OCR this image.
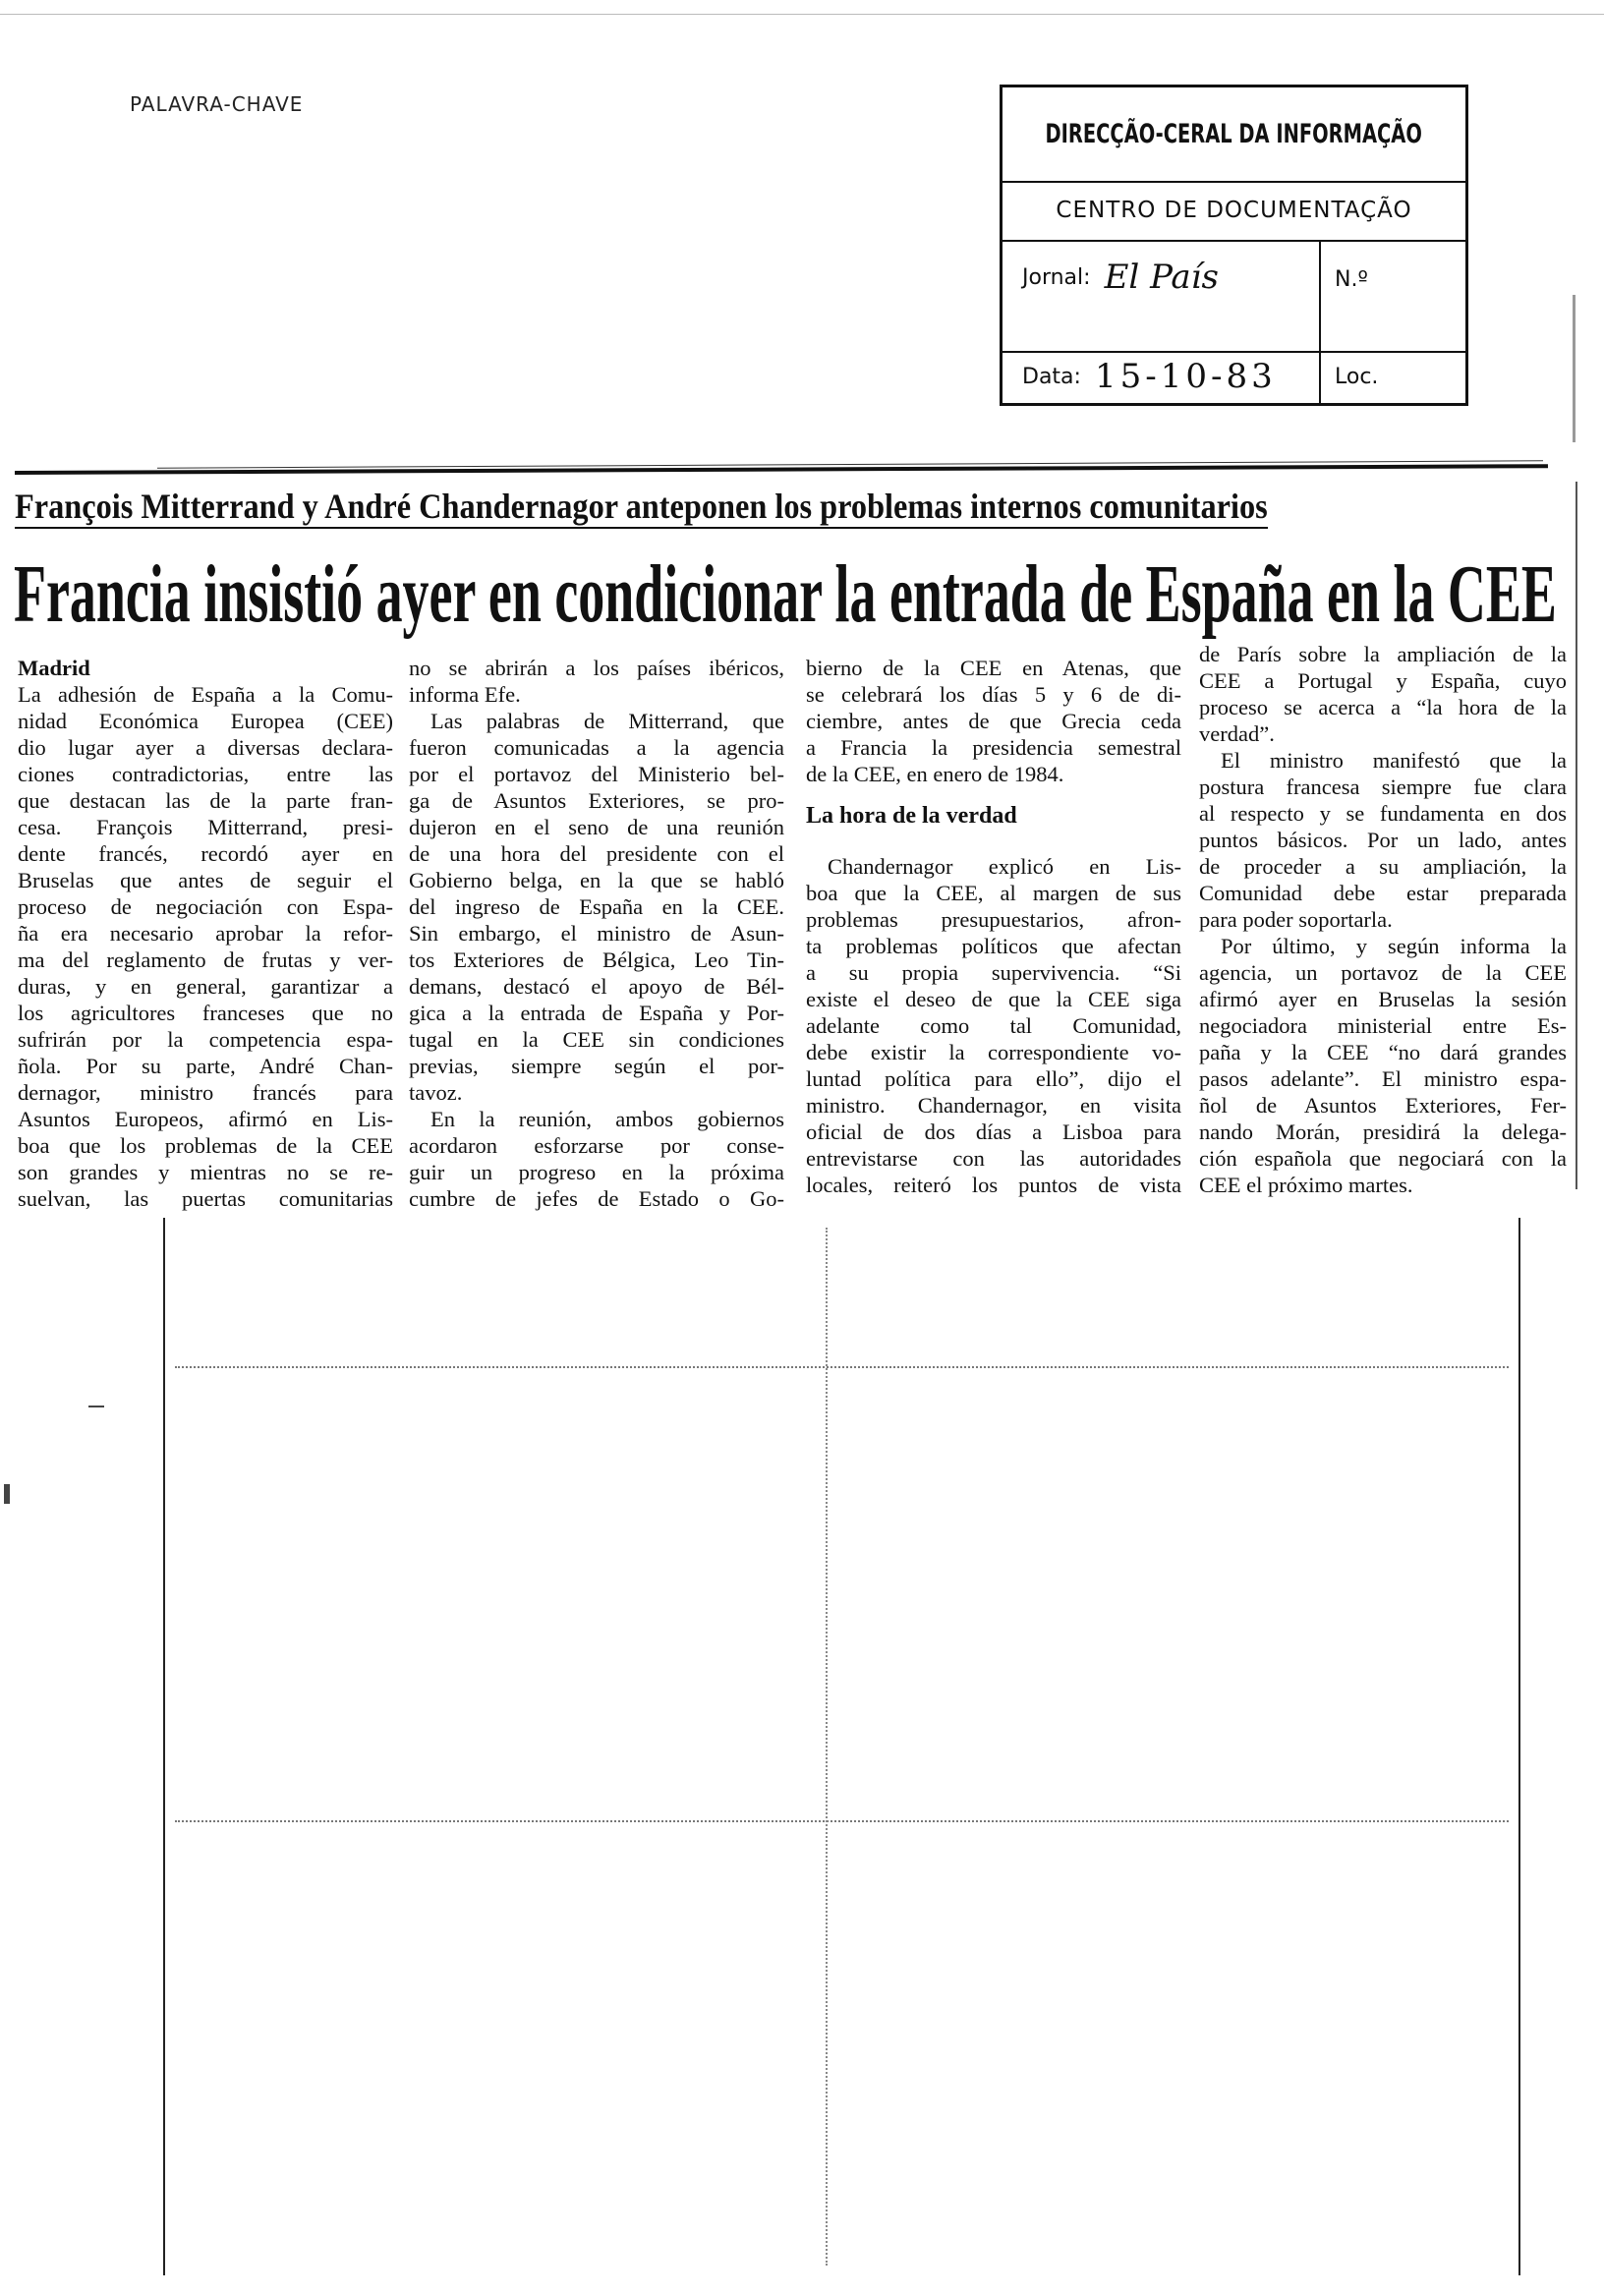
PALAVRA-CHAVE
DIRECÇÃO-CERAL DA INFORMAÇÃO
CENTRO DE DOCUMENTAÇÃO
Jornal: El País	N.º
Data: 15-10-83	Loc.
François Mitterrand y André Chandernagor anteponen los problemas internos comunitarios
Francia insistió ayer en condicionar la entrada de España en la CEE
Madrid
La adhesión de España a la Comu-
nidad Económica Europea (CEE)
dio lugar ayer a diversas declara-
ciones contradictorias, entre las
que destacan las de la parte fran-
cesa. François Mitterrand, presi-
dente francés, recordó ayer en
Bruselas que antes de seguir el
proceso de negociación con Espa-
ña era necesario aprobar la refor-
ma del reglamento de frutas y ver-
duras, y en general, garantizar a
los agricultores franceses que no
sufrirán por la competencia espa-
ñola. Por su parte, André Chan-
dernagor, ministro francés para
Asuntos Europeos, afirmó en Lis-
boa que los problemas de la CEE
son grandes y mientras no se re-
suelvan, las puertas comunitarias
no se abrirán a los países ibéricos,
informa Efe.
Las palabras de Mitterrand, que
fueron comunicadas a la agencia
por el portavoz del Ministerio bel-
ga de Asuntos Exteriores, se pro-
dujeron en el seno de una reunión
de una hora del presidente con el
Gobierno belga, en la que se habló
del ingreso de España en la CEE.
Sin embargo, el ministro de Asun-
tos Exteriores de Bélgica, Leo Tin-
demans, destacó el apoyo de Bél-
gica a la entrada de España y Por-
tugal en la CEE sin condiciones
previas, siempre según el por-
tavoz.
En la reunión, ambos gobiernos
acordaron esforzarse por conse-
guir un progreso en la próxima
cumbre de jefes de Estado o Go-
bierno de la CEE en Atenas, que
se celebrará los días 5 y 6 de di-
ciembre, antes de que Grecia ceda
a Francia la presidencia semestral
de la CEE, en enero de 1984.
La hora de la verdad
Chandernagor explicó en Lis-
boa que la CEE, al margen de sus
problemas presupuestarios, afron-
ta problemas políticos que afectan
a su propia supervivencia. “Si
existe el deseo de que la CEE siga
adelante como tal Comunidad,
debe existir la correspondiente vo-
luntad política para ello”, dijo el
ministro. Chandernagor, en visita
oficial de dos días a Lisboa para
entrevistarse con las autoridades
locales, reiteró los puntos de vista
de París sobre la ampliación de la
CEE a Portugal y España, cuyo
proceso se acerca a “la hora de la
verdad”.
El ministro manifestó que la
postura francesa siempre fue clara
al respecto y se fundamenta en dos
puntos básicos. Por un lado, antes
de proceder a su ampliación, la
Comunidad debe estar preparada
para poder soportarla.
Por último, y según informa la
agencia, un portavoz de la CEE
afirmó ayer en Bruselas la sesión
negociadora ministerial entre Es-
paña y la CEE “no dará grandes
pasos adelante”. El ministro espa-
ñol de Asuntos Exteriores, Fer-
nando Morán, presidirá la delega-
ción española que negociará con la
CEE el próximo martes.
